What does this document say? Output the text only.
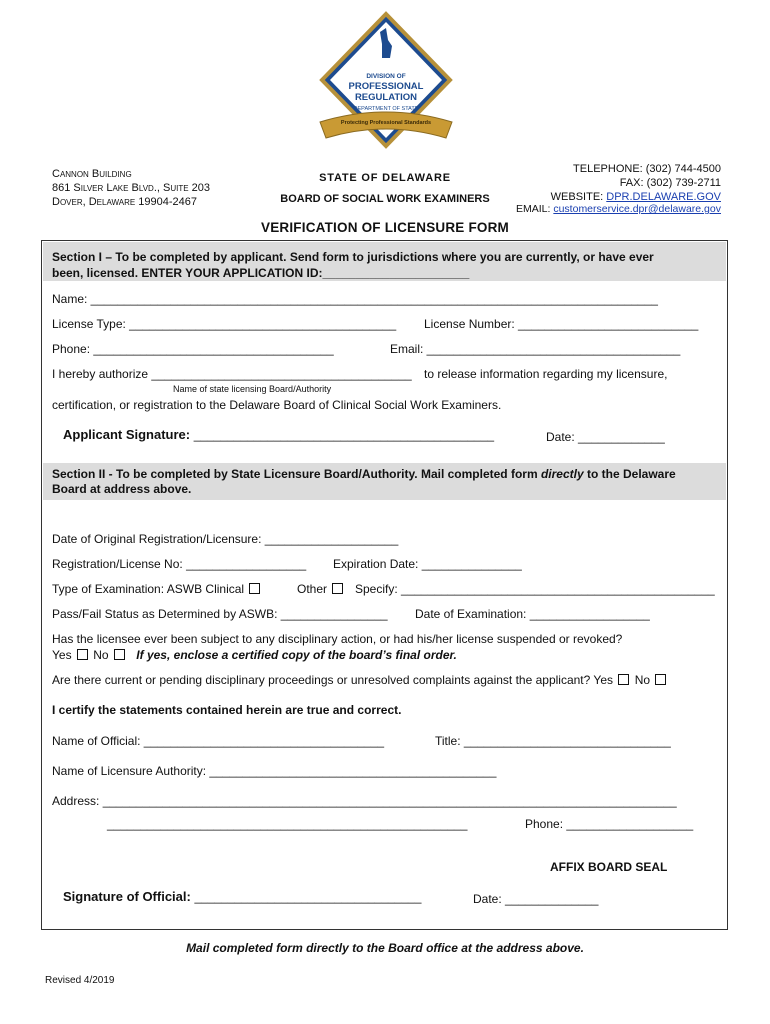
DIVISION OF
PROFESSIONAL
REGULATION
DEPARTMENT OF STATE
Protecting Professional Standards
Cannon Building
861 Silver Lake Blvd., Suite 203
Dover, Delaware 19904-2467
STATE OF DELAWARE
BOARD OF SOCIAL WORK EXAMINERS
TELEPHONE: (302) 744-4500
FAX: (302) 739-2711
WEBSITE: DPR.DELAWARE.GOV
EMAIL: customerservice.dpr@delaware.gov
VERIFICATION OF LICENSURE FORM
Section I – To be completed by applicant. Send form to jurisdictions where you are currently, or have ever
been, licensed. ENTER YOUR APPLICATION ID:______________________
Name: _____________________________________________________________________________________
License Type: ________________________________________ License Number: ___________________________
Phone: ____________________________________	Email: ______________________________________
I hereby authorize _______________________________________ to release information regarding my licensure,
Name of state licensing Board/Authority
certification, or registration to the Delaware Board of Clinical Social Work Examiners.
Applicant Signature: _____________________________________________	Date: _____________
Section II - To be completed by State Licensure Board/Authority. Mail completed form directly to the Delaware
Board at address above.
Date of Original Registration/Licensure: ____________________
Registration/License No: __________________ Expiration Date: _______________
Type of Examination: ASWB Clinical	Other	Specify: _______________________________________________
Pass/Fail Status as Determined by ASWB: ________________ Date of Examination: __________________
Has the licensee ever been subject to any disciplinary action, or had his/her license suspended or revoked?
Yes No If yes, enclose a certified copy of the board’s final order.
Are there current or pending disciplinary proceedings or unresolved complaints against the applicant? Yes No
I certify the statements contained herein are true and correct.
Name of Official: ____________________________________	Title: _______________________________
Name of Licensure Authority: ___________________________________________
Address: ______________________________________________________________________________________
______________________________________________________	Phone: ___________________
AFFIX BOARD SEAL
Signature of Official: __________________________________	Date: ______________
Mail completed form directly to the Board office at the address above.
Revised 4/2019
